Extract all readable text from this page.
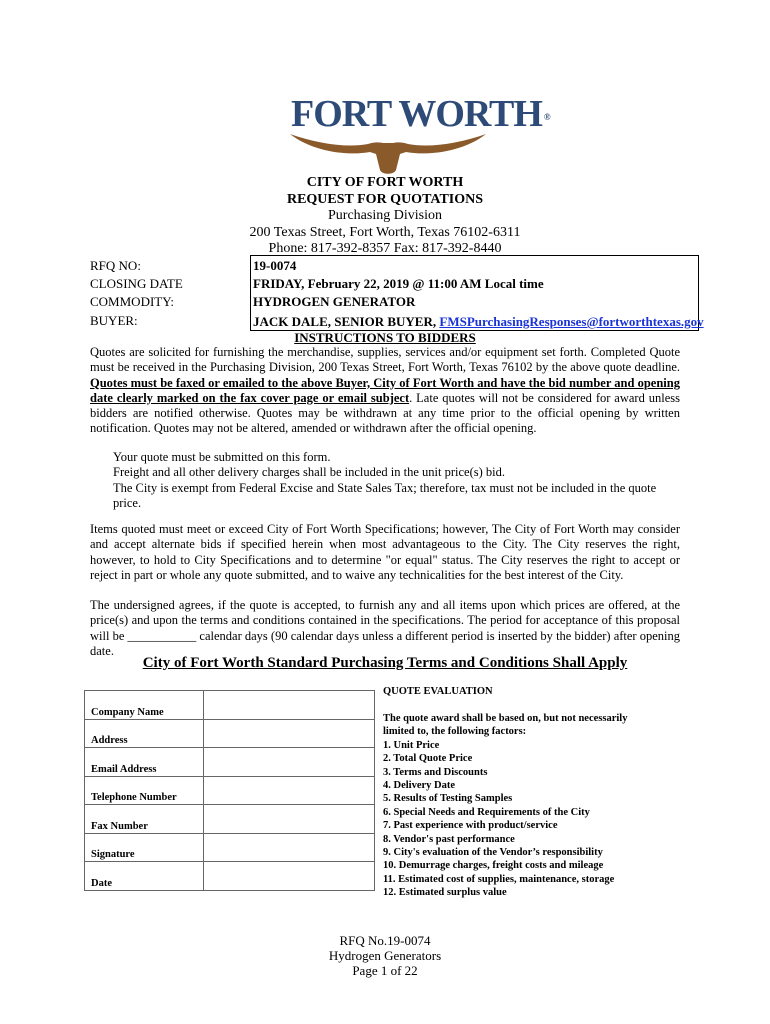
FORT WORTH ®
CITY OF FORT WORTH
REQUEST FOR QUOTATIONS
Purchasing Division
200 Texas Street, Fort Worth, Texas 76102-6311
Phone: 817-392-8357 Fax: 817-392-8440
RFQ NO:	19-0074
CLOSING DATE	FRIDAY, February 22, 2019 @ 11:00 AM Local time
COMMODITY:	HYDROGEN GENERATOR
BUYER:	JACK DALE, SENIOR BUYER, FMSPurchasingResponses@fortworthtexas.gov
INSTRUCTIONS TO BIDDERS
Quotes are solicited for furnishing the merchandise, supplies, services and/or equipment set forth. Completed Quote must be received in the Purchasing Division, 200 Texas Street, Fort Worth, Texas 76102 by the above quote deadline. Quotes must be faxed or emailed to the above Buyer, City of Fort Worth and have the bid number and opening date clearly marked on the fax cover page or email subject. Late quotes will not be considered for award unless bidders are notified otherwise. Quotes may be withdrawn at any time prior to the official opening by written notification. Quotes may not be altered, amended or withdrawn after the official opening.
Your quote must be submitted on this form.
Freight and all other delivery charges shall be included in the unit price(s) bid.
The City is exempt from Federal Excise and State Sales Tax; therefore, tax must not be included in the quote price.
Items quoted must meet or exceed City of Fort Worth Specifications; however, The City of Fort Worth may consider and accept alternate bids if specified herein when most advantageous to the City. The City reserves the right, however, to hold to City Specifications and to determine "or equal" status. The City reserves the right to accept or reject in part or whole any quote submitted, and to waive any technicalities for the best interest of the City.
The undersigned agrees, if the quote is accepted, to furnish any and all items upon which prices are offered, at the price(s) and upon the terms and conditions contained in the specifications. The period for acceptance of this proposal will be ___________ calendar days (90 calendar days unless a different period is inserted by the bidder) after opening date.
City of Fort Worth Standard Purchasing Terms and Conditions Shall Apply
Company Name	
Address	
Email Address	
Telephone Number	
Fax Number	
Signature	
Date	
QUOTE EVALUATION
The quote award shall be based on, but not necessarily
limited to, the following factors:
1. Unit Price
2. Total Quote Price
3. Terms and Discounts
4. Delivery Date
5. Results of Testing Samples
6. Special Needs and Requirements of the City
7. Past experience with product/service
8. Vendor's past performance
9. City's evaluation of the Vendor’s responsibility
10. Demurrage charges, freight costs and mileage
11. Estimated cost of supplies, maintenance, storage
12. Estimated surplus value
RFQ No.19-0074
Hydrogen Generators
Page 1 of 22
